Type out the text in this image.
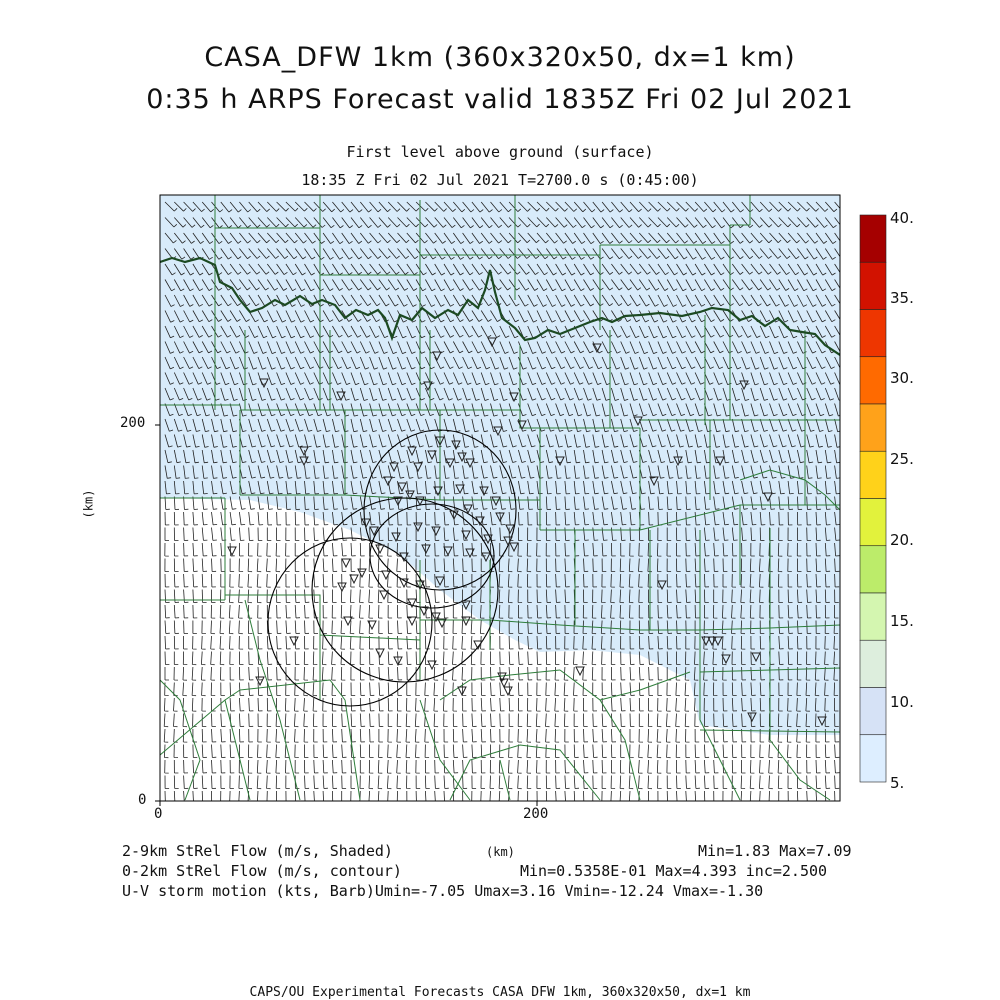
CASA_DFW 1km (360x320x50, dx=1 km)
0:35 h ARPS Forecast valid 1835Z Fri 02 Jul 2021
First level above ground (surface)
18:35 Z Fri 02 Jul 2021 T=2700.0 s (0:45:00)
200
0
0	200
(km)
40.
35.
30.
25.
20.
15.
10.
5.
2-9km StRel Flow (m/s, Shaded)	(km)	Min=1.83 Max=7.09
0-2km StRel Flow (m/s, contour)	Min=0.5358E-01 Max=4.393 inc=2.500
U-V storm motion (kts, Barb)Umin=-7.05 Umax=3.16 Vmin=-12.24 Vmax=-1.30
CAPS/OU Experimental Forecasts CASA DFW 1km, 360x320x50, dx=1 km
